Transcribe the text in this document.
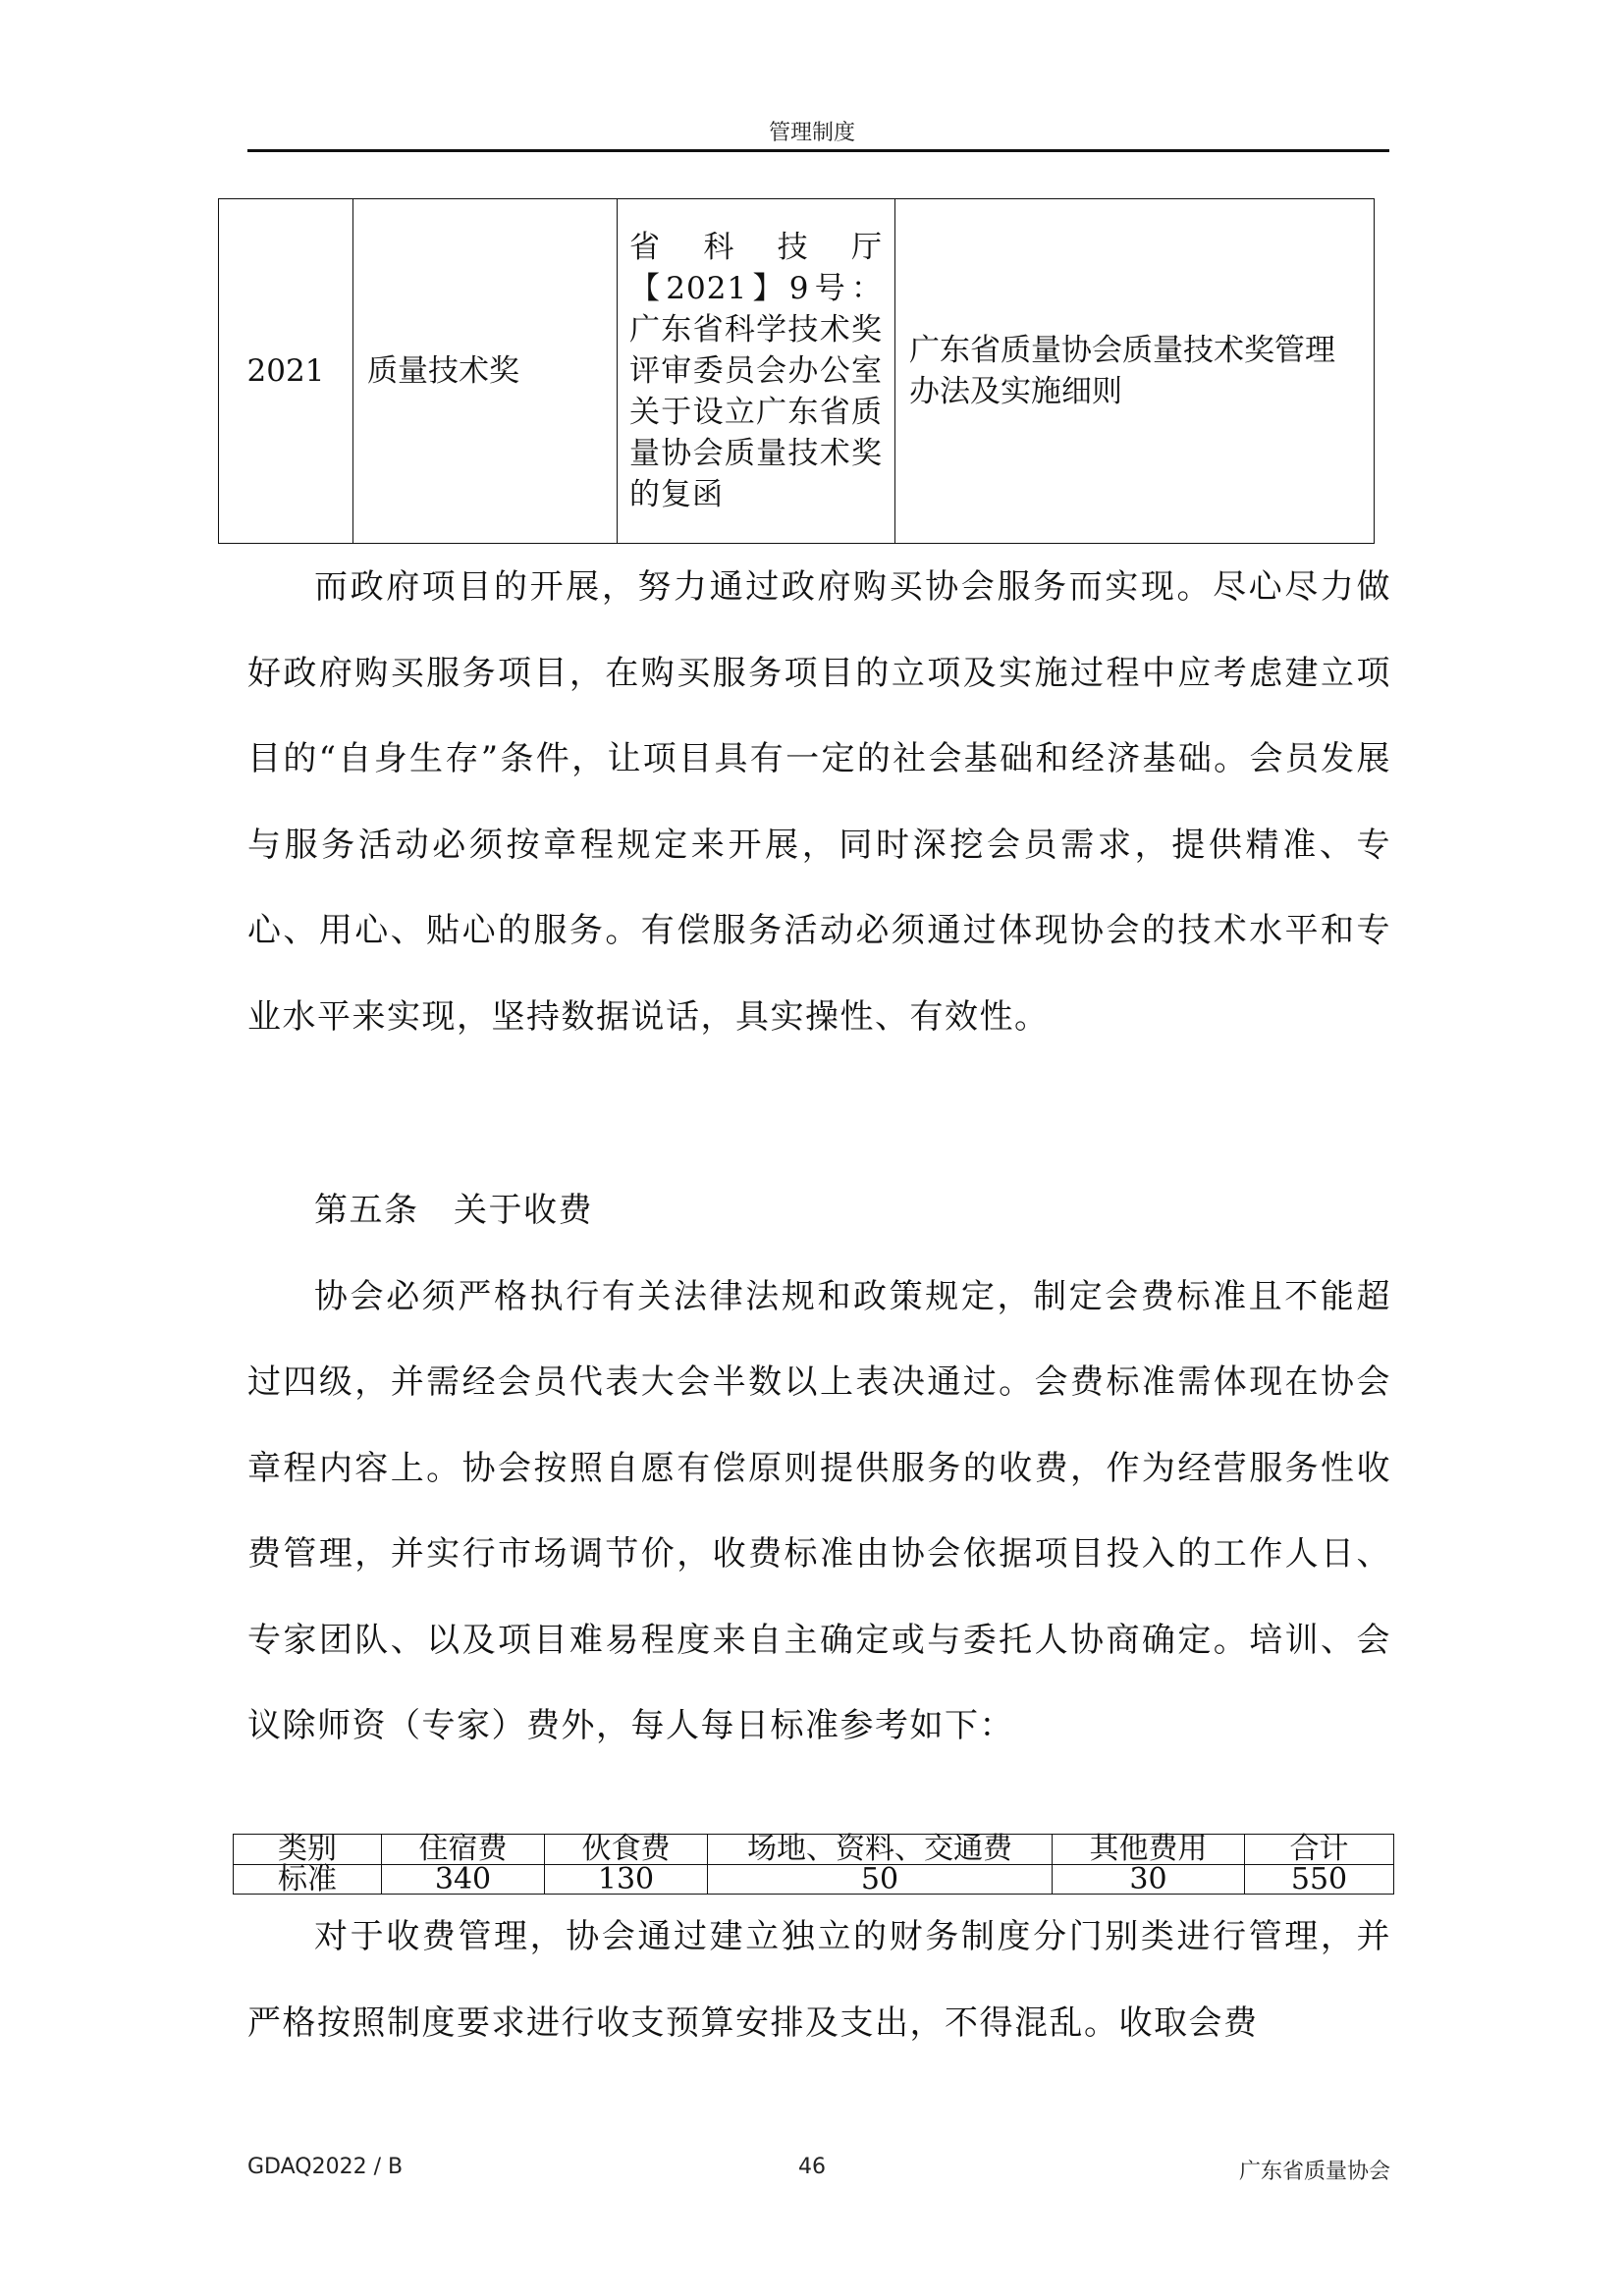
管理制度
2021	质量技术奖	省科技厅【2021】9号：广东省科学技术奖评审委员会办公室关于设立广东省质量协会质量技术奖的复函	广东省质量协会质量技术奖管理办法及实施细则

而政府项目的开展，努力通过政府购买协会服务而实现。尽心尽力做好政府购买服务项目，在购买服务项目的立项及实施过程中应考虑建立项目的“自身生存”条件，让项目具有一定的社会基础和经济基础。会员发展与服务活动必须按章程规定来开展，同时深挖会员需求，提供精准、专心、用心、贴心的服务。有偿服务活动必须通过体现协会的技术水平和专业水平来实现，坚持数据说话，具实操性、有效性。

第五条　关于收费

协会必须严格执行有关法律法规和政策规定，制定会费标准且不能超过四级，并需经会员代表大会半数以上表决通过。会费标准需体现在协会章程内容上。协会按照自愿有偿原则提供服务的收费，作为经营服务性收费管理，并实行市场调节价，收费标准由协会依据项目投入的工作人日、专家团队、以及项目难易程度来自主确定或与委托人协商确定。培训、会议除师资（专家）费外，每人每日标准参考如下：

类别	住宿费	伙食费	场地、资料、交通费	其他费用	合计
标准	340	130	50	30	550

对于收费管理，协会通过建立独立的财务制度分门别类进行管理，并严格按照制度要求进行收支预算安排及支出，不得混乱。收取会费

GDAQ2022 / B	46	广东省质量协会
